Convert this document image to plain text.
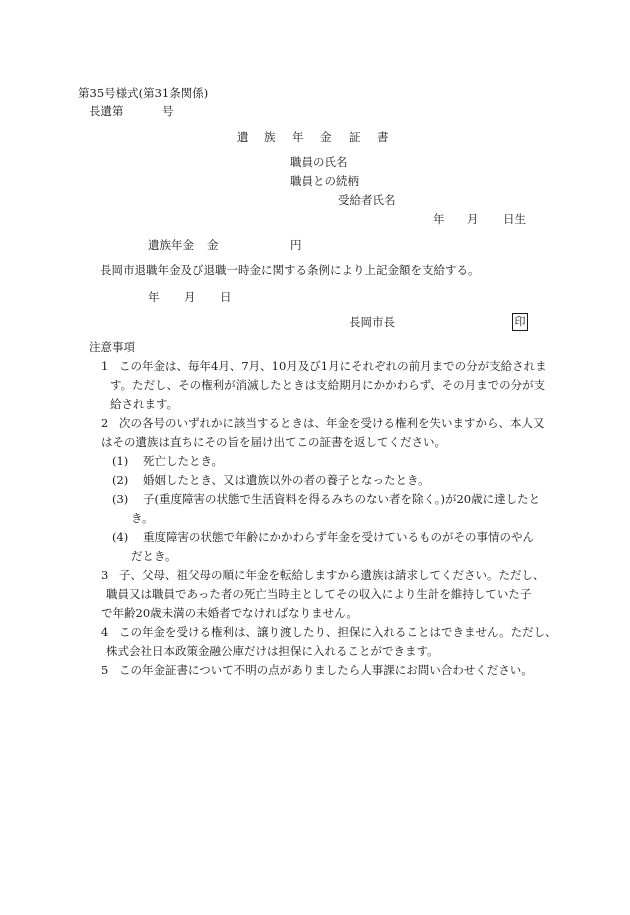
第35号様式(第31条関係)
長遺第	号
遺 族 年 金 証 書
職員の氏名
職員との続柄
受給者氏名
年 月 日生
遺族年金 金	円
長岡市退職年金及び退職一時金に関する条例により上記金額を支給する。
年 月 日
長岡市長	印
注意事項
1 この年金は、毎年4月、7月、10月及び1月にそれぞれの前月までの分が支給されま
す。ただし、その権利が消滅したときは支給期月にかかわらず、その月までの分が支
給されます。
2 次の各号のいずれかに該当するときは、年金を受ける権利を失いますから、本人又
はその遺族は直ちにその旨を届け出てこの証書を返してください。
(1) 死亡したとき。
(2) 婚姻したとき、又は遺族以外の者の養子となったとき。
(3) 子(重度障害の状態で生活資料を得るみちのない者を除く。)が20歳に達したと
き。
(4) 重度障害の状態で年齢にかかわらず年金を受けているものがその事情のやん
だとき。
3 子、父母、祖父母の順に年金を転給しますから遺族は請求してください。ただし、
職員又は職員であった者の死亡当時主としてその収入により生計を維持していた子
で年齢20歳未満の未婚者でなければなりません。
4 この年金を受ける権利は、譲り渡したり、担保に入れることはできません。ただし、
株式会社日本政策金融公庫だけは担保に入れることができます。
5 この年金証書について不明の点がありましたら人事課にお問い合わせください。
